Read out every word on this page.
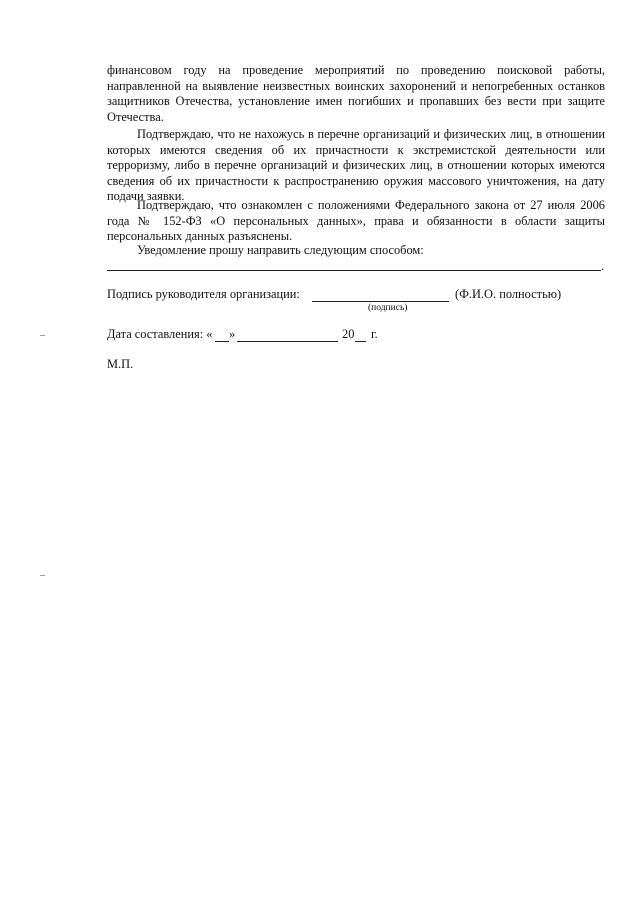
финансовом году на проведение мероприятий по проведению поисковой работы, направленной на выявление неизвестных воинских захоронений и непогребенных останков защитников Отечества, установление имен погибших и пропавших без вести при защите Отечества.

Подтверждаю, что не нахожусь в перечне организаций и физических лиц, в отношении которых имеются сведения об их причастности к экстремистской деятельности или терроризму, либо в перечне организаций и физических лиц, в отношении которых имеются сведения об их причастности к распространению оружия массового уничтожения, на дату подачи заявки.

Подтверждаю, что ознакомлен с положениями Федерального закона от 27 июля 2006 года № 152-ФЗ «О персональных данных», права и обязанности в области защиты персональных данных разъяснены.

Уведомление прошу направить следующим способом:

.
Подпись руководителя организации:	(Ф.И.О. полностью)
(подпись)
Дата составления: « »	20 г.
М.П.
–
–
